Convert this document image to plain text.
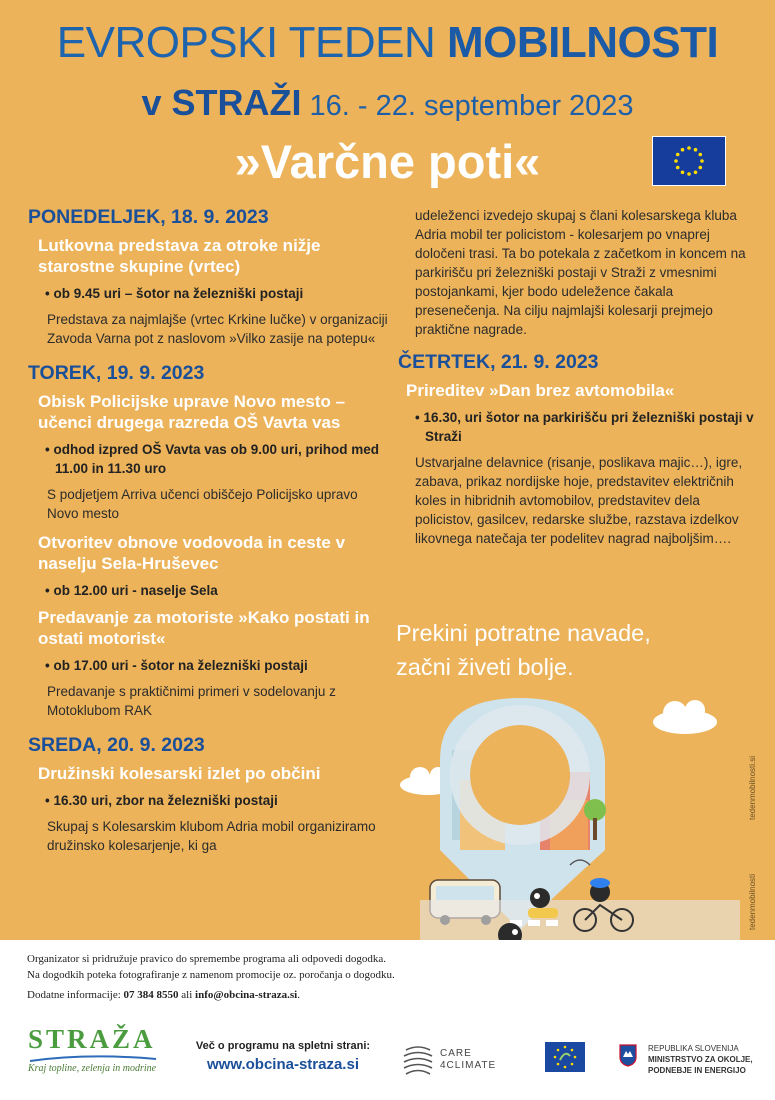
EVROPSKI TEDEN MOBILNOSTI
v STRAŽI 16. - 22. september 2023
»Varčne poti«
PONEDELJEK, 18. 9. 2023
Lutkovna predstava za otroke nižje starostne skupine (vrtec)
• ob 9.45 uri – šotor na železniški postaji
Predstava za najmlajše (vrtec Krkine lučke) v organizaciji Zavoda Varna pot z naslovom »Vilko zasije na potepu«
TOREK, 19. 9. 2023
Obisk Policijske uprave Novo mesto – učenci drugega razreda OŠ Vavta vas
• odhod izpred OŠ Vavta vas ob 9.00 uri, prihod med 11.00 in 11.30 uro
S podjetjem Arriva učenci obiščejo Policijsko upravo Novo mesto
Otvoritev obnove vodovoda in ceste v naselju Sela-Hruševec
• ob 12.00 uri - naselje Sela
Predavanje za motoriste »Kako postati in ostati motorist«
• ob 17.00 uri - šotor na železniški postaji
Predavanje s praktičnimi primeri v sodelovanju z Motoklubom RAK
SREDA, 20. 9. 2023
Družinski kolesarski izlet po občini
• 16.30 uri, zbor na železniški postaji
Skupaj s Kolesarskim klubom Adria mobil organiziramo družinsko kolesarjenje, ki ga
udeleženci izvedejo skupaj s člani kolesarskega kluba Adria mobil ter policistom - kolesarjem po vnaprej določeni trasi. Ta bo potekala z začetkom in koncem na parkirišču pri železniški postaji v Straži z vmesnimi postojankami, kjer bodo udeležence čakala presenečenja. Na cilju najmlajši kolesarji prejmejo praktične nagrade.
ČETRTEK, 21. 9. 2023
Prireditev »Dan brez avtomobila«
• 16.30, uri šotor na parkirišču pri železniški postaji v Straži
Ustvarjalne delavnice (risanje, poslikava majic…), igre, zabava, prikaz nordijske hoje, predstavitev električnih koles in hibridnih avtomobilov, predstavitev dela policistov, gasilcev, redarske službe, razstava izdelkov likovnega natečaja ter podelitev nagrad najboljšim….
Prekini potratne navade,
začni živeti bolje.
tedenmobilnosti.si
tedenmobilnosti
Organizator si pridružuje pravico do spremembe programa ali odpovedi dogodka.
Na dogodkih poteka fotografiranje z namenom promocije oz. poročanja o dogodku.
Dodatne informacije: 07 384 8550 ali info@obcina-straza.si.
STRAŽA
Kraj topline, zelenja in modrine
Več o programu na spletni strani:
www.obcina-straza.si
CARE
4CLIMATE
REPUBLIKA SLOVENIJA
MINISTRSTVO ZA OKOLJE,
PODNEBJE IN ENERGIJO
